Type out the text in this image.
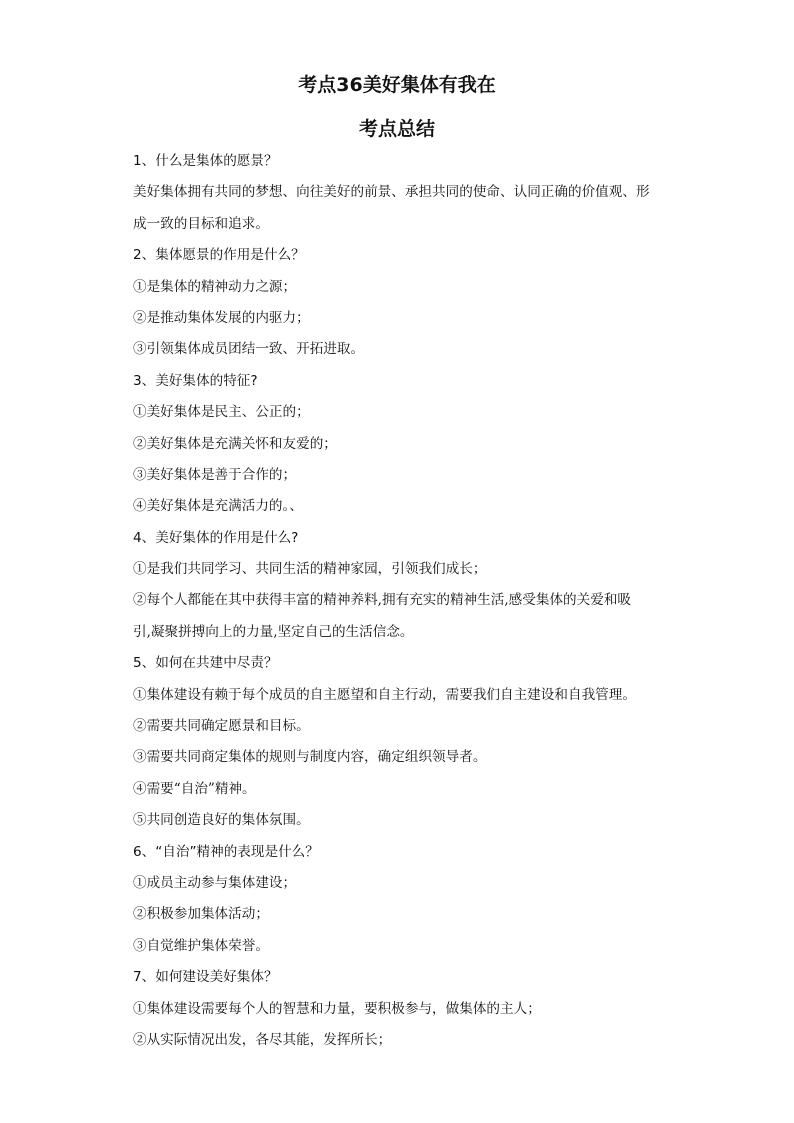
考点36美好集体有我在
考点总结
1、什么是集体的愿景？
美好集体拥有共同的梦想、向往美好的前景、承担共同的使命、认同正确的价值观、形
成一致的目标和追求。
2、集体愿景的作用是什么？
①是集体的精神动力之源；
②是推动集体发展的内驱力；
③引领集体成员团结一致、开拓进取。
3、美好集体的特征?
①美好集体是民主、公正的；
②美好集体是充满关怀和友爱的；
③美好集体是善于合作的；
④美好集体是充满活力的。、
4、美好集体的作用是什么?
①是我们共同学习、共同生活的精神家园，引领我们成长；
②每个人都能在其中获得丰富的精神养料,拥有充实的精神生活,感受集体的关爱和吸
引,凝聚拼搏向上的力量,坚定自己的生活信念。
5、如何在共建中尽责？
①集体建设有赖于每个成员的自主愿望和自主行动，需要我们自主建设和自我管理。
②需要共同确定愿景和目标。
③需要共同商定集体的规则与制度内容，确定组织领导者。
④需要“自治”精神。
⑤共同创造良好的集体氛围。
6、“自治”精神的表现是什么？
①成员主动参与集体建设；
②积极参加集体活动；
③自觉维护集体荣誉。
7、如何建设美好集体？
①集体建设需要每个人的智慧和力量，要积极参与，做集体的主人；
②从实际情况出发，各尽其能，发挥所长；
